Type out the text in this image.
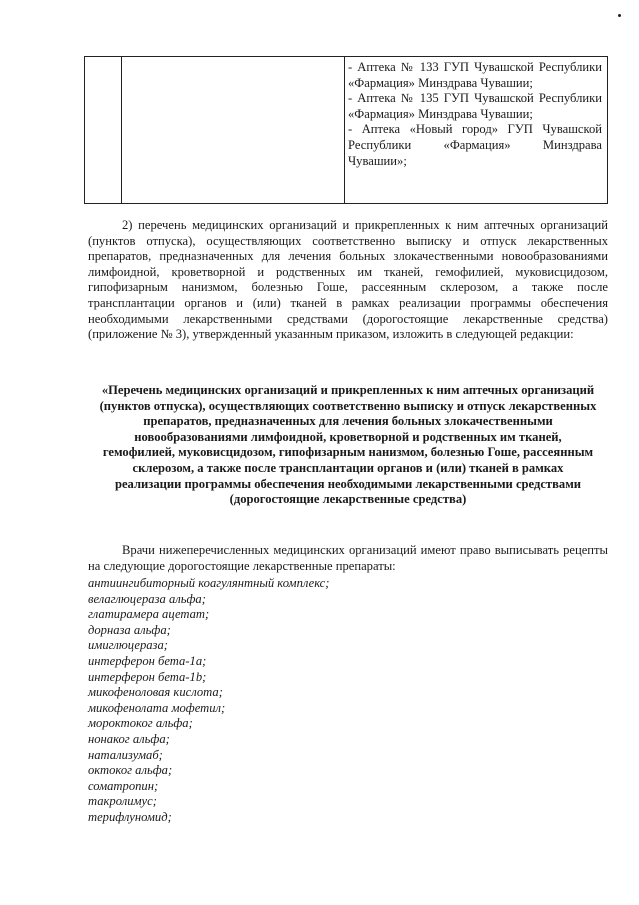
- Аптека № 133 ГУП Чувашской Республики «Фармация» Минздрава Чувашии;
- Аптека № 135 ГУП Чувашской Республики «Фармация» Минздрава Чувашии;
- Аптека «Новый город» ГУП Чувашской Республики «Фармация» Минздрава Чувашии»;
2) перечень медицинских организаций и прикрепленных к ним аптечных организаций (пунктов отпуска), осуществляющих соответственно выписку и отпуск лекарственных препаратов, предназначенных для лечения больных злокачественными новообразованиями лимфоидной, кроветворной и родственных им тканей, гемофилией, муковисцидозом, гипофизарным нанизмом, болезнью Гоше, рассеянным склерозом, а также после трансплантации органов и (или) тканей в рамках реализации программы обеспечения необходимыми лекарственными средствами (дорогостоящие лекарственные средства) (приложение № 3), утвержденный указанным приказом, изложить в следующей редакции:
«Перечень медицинских организаций и прикрепленных к ним аптечных организаций (пунктов отпуска), осуществляющих соответственно выписку и отпуск лекарственных препаратов, предназначенных для лечения больных злокачественными новообразованиями лимфоидной, кроветворной и родственных им тканей, гемофилией, муковисцидозом, гипофизарным нанизмом, болезнью Гоше, рассеянным склерозом, а также после трансплантации органов и (или) тканей в рамках реализации программы обеспечения необходимыми лекарственными средствами (дорогостоящие лекарственные средства)
Врачи нижеперечисленных медицинских организаций имеют право выписывать рецепты на следующие дорогостоящие лекарственные препараты:
антиингибиторный коагулянтный комплекс;
велаглюцераза альфа;
глатирамера ацетат;
дорназа альфа;
имиглюцераза;
интерферон бета-1а;
интерферон бета-1b;
микофеноловая кислота;
микофенолата мофетил;
мороктоког альфа;
нонаког альфа;
натализумаб;
октоког альфа;
соматропин;
такролимус;
терифлуномид;
